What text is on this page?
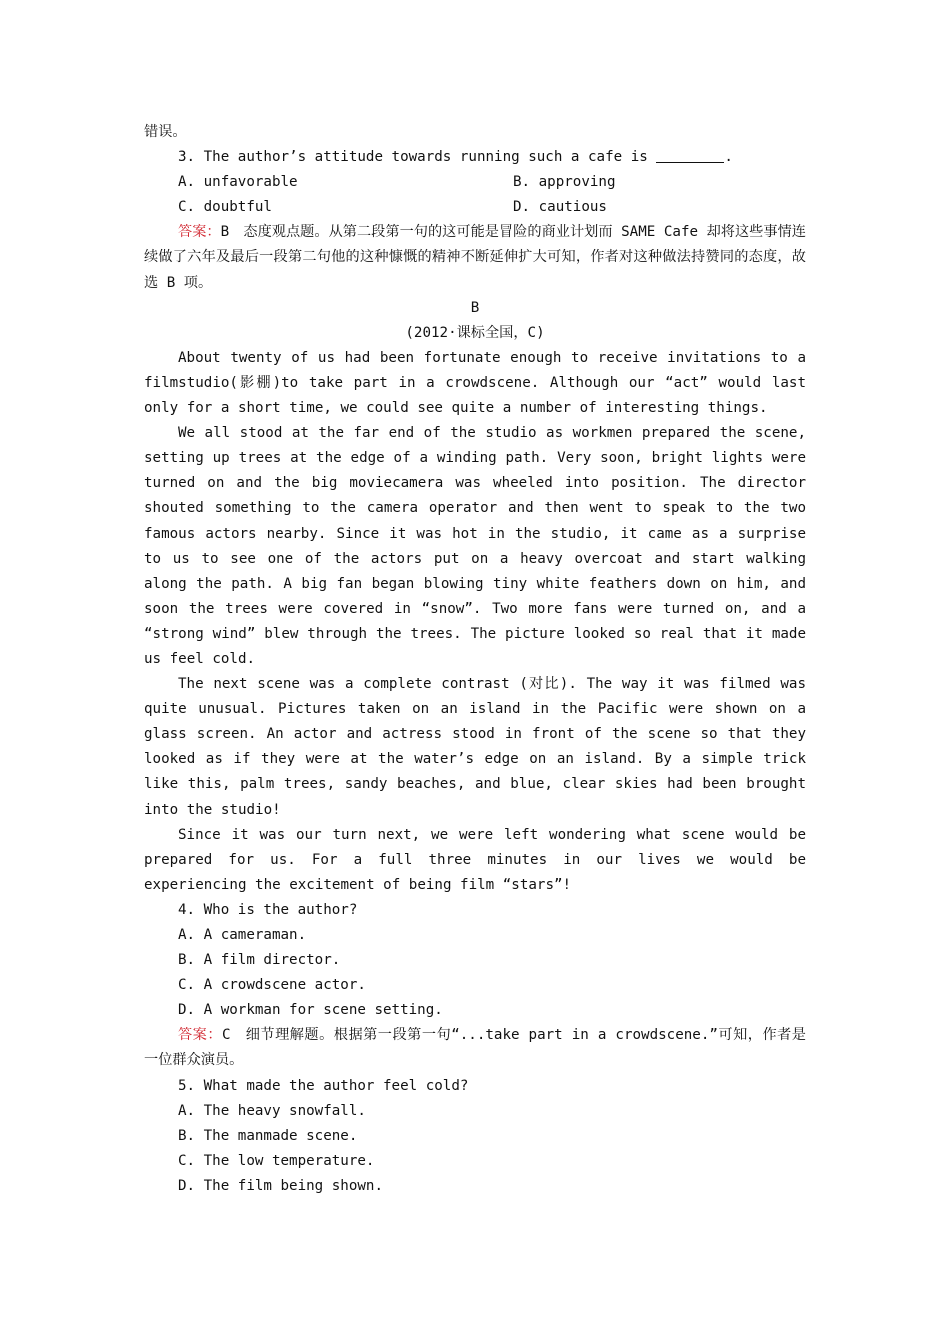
错误。

3. The author’s attitude towards running such a cafe is	.

A. unfavorable	B. approving
C. doubtful	D. cautious

答案：B　态度观点题。从第二段第一句的这可能是冒险的商业计划而 SAME Cafe 却将这些事情连续做了六年及最后一段第二句他的这种慷慨的精神不断延伸扩大可知，作者对这种做法持赞同的态度，故选 B 项。

B

(2012·课标全国，C)

About twenty of us had been fortunate enough to receive invitations to a filmstudio(影棚)to take part in a crowdscene. Although our “act” would last only for a short time, we could see quite a number of interesting things.

We all stood at the far end of the studio as workmen prepared the scene, setting up trees at the edge of a winding path. Very soon, bright lights were turned on and the big moviecamera was wheeled into position. The director shouted something to the camera operator and then went to speak to the two famous actors nearby. Since it was hot in the studio, it came as a surprise to us to see one of the actors put on a heavy overcoat and start walking along the path. A big fan began blowing tiny white feathers down on him, and soon the trees were covered in “snow”. Two more fans were turned on, and a “strong wind” blew through the trees. The picture looked so real that it made us feel cold.

The next scene was a complete contrast (对比). The way it was filmed was quite unusual. Pictures taken on an island in the Pacific were shown on a glass screen. An actor and actress stood in front of the scene so that they looked as if they were at the water’s edge on an island. By a simple trick like this, palm trees, sandy beaches, and blue, clear skies had been brought into the studio!

Since it was our turn next, we were left wondering what scene would be prepared for us. For a full three minutes in our lives we would be experiencing the excitement of being film “stars”!

4. Who is the author?

A. A cameraman.

B. A film director.

C. A crowdscene actor.

D. A workman for scene setting.

答案：C　细节理解题。根据第一段第一句“...take part in a crowdscene.”可知，作者是一位群众演员。

5. What made the author feel cold?

A. The heavy snowfall.

B. The manmade scene.

C. The low temperature.

D. The film being shown.
